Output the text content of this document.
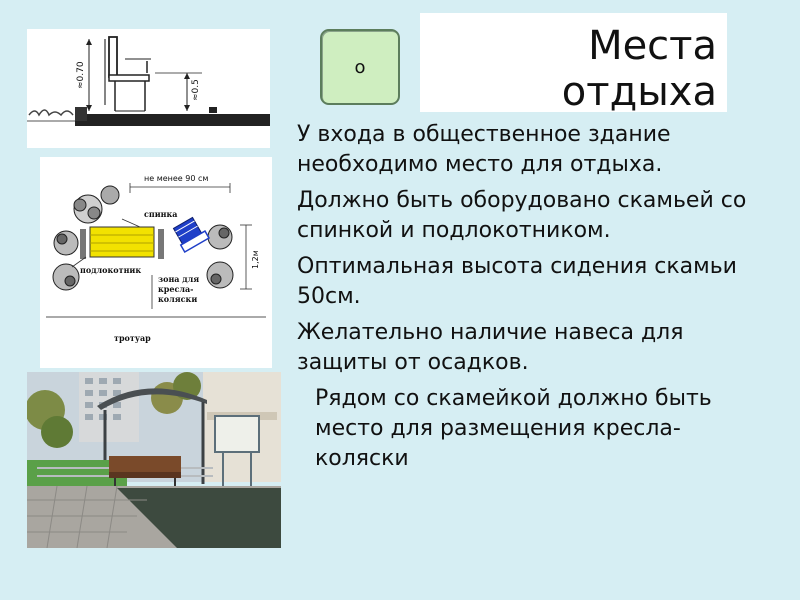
≈0.70
≈0.5
не менее 90 см
спинка
подлокотник
зона для
кресла-
коляски
1,2м
тротуар
о	Места
отдыха

У входа в общественное здание необходимо место для отдыха.

Должно быть оборудовано скамьей со спинкой и подлокотником.

Оптимальная высота сидения скамьи 50см.

Желательно наличие навеса для защиты от осадков.

Рядом со скамейкой должно быть место для размещения кресла-коляски
